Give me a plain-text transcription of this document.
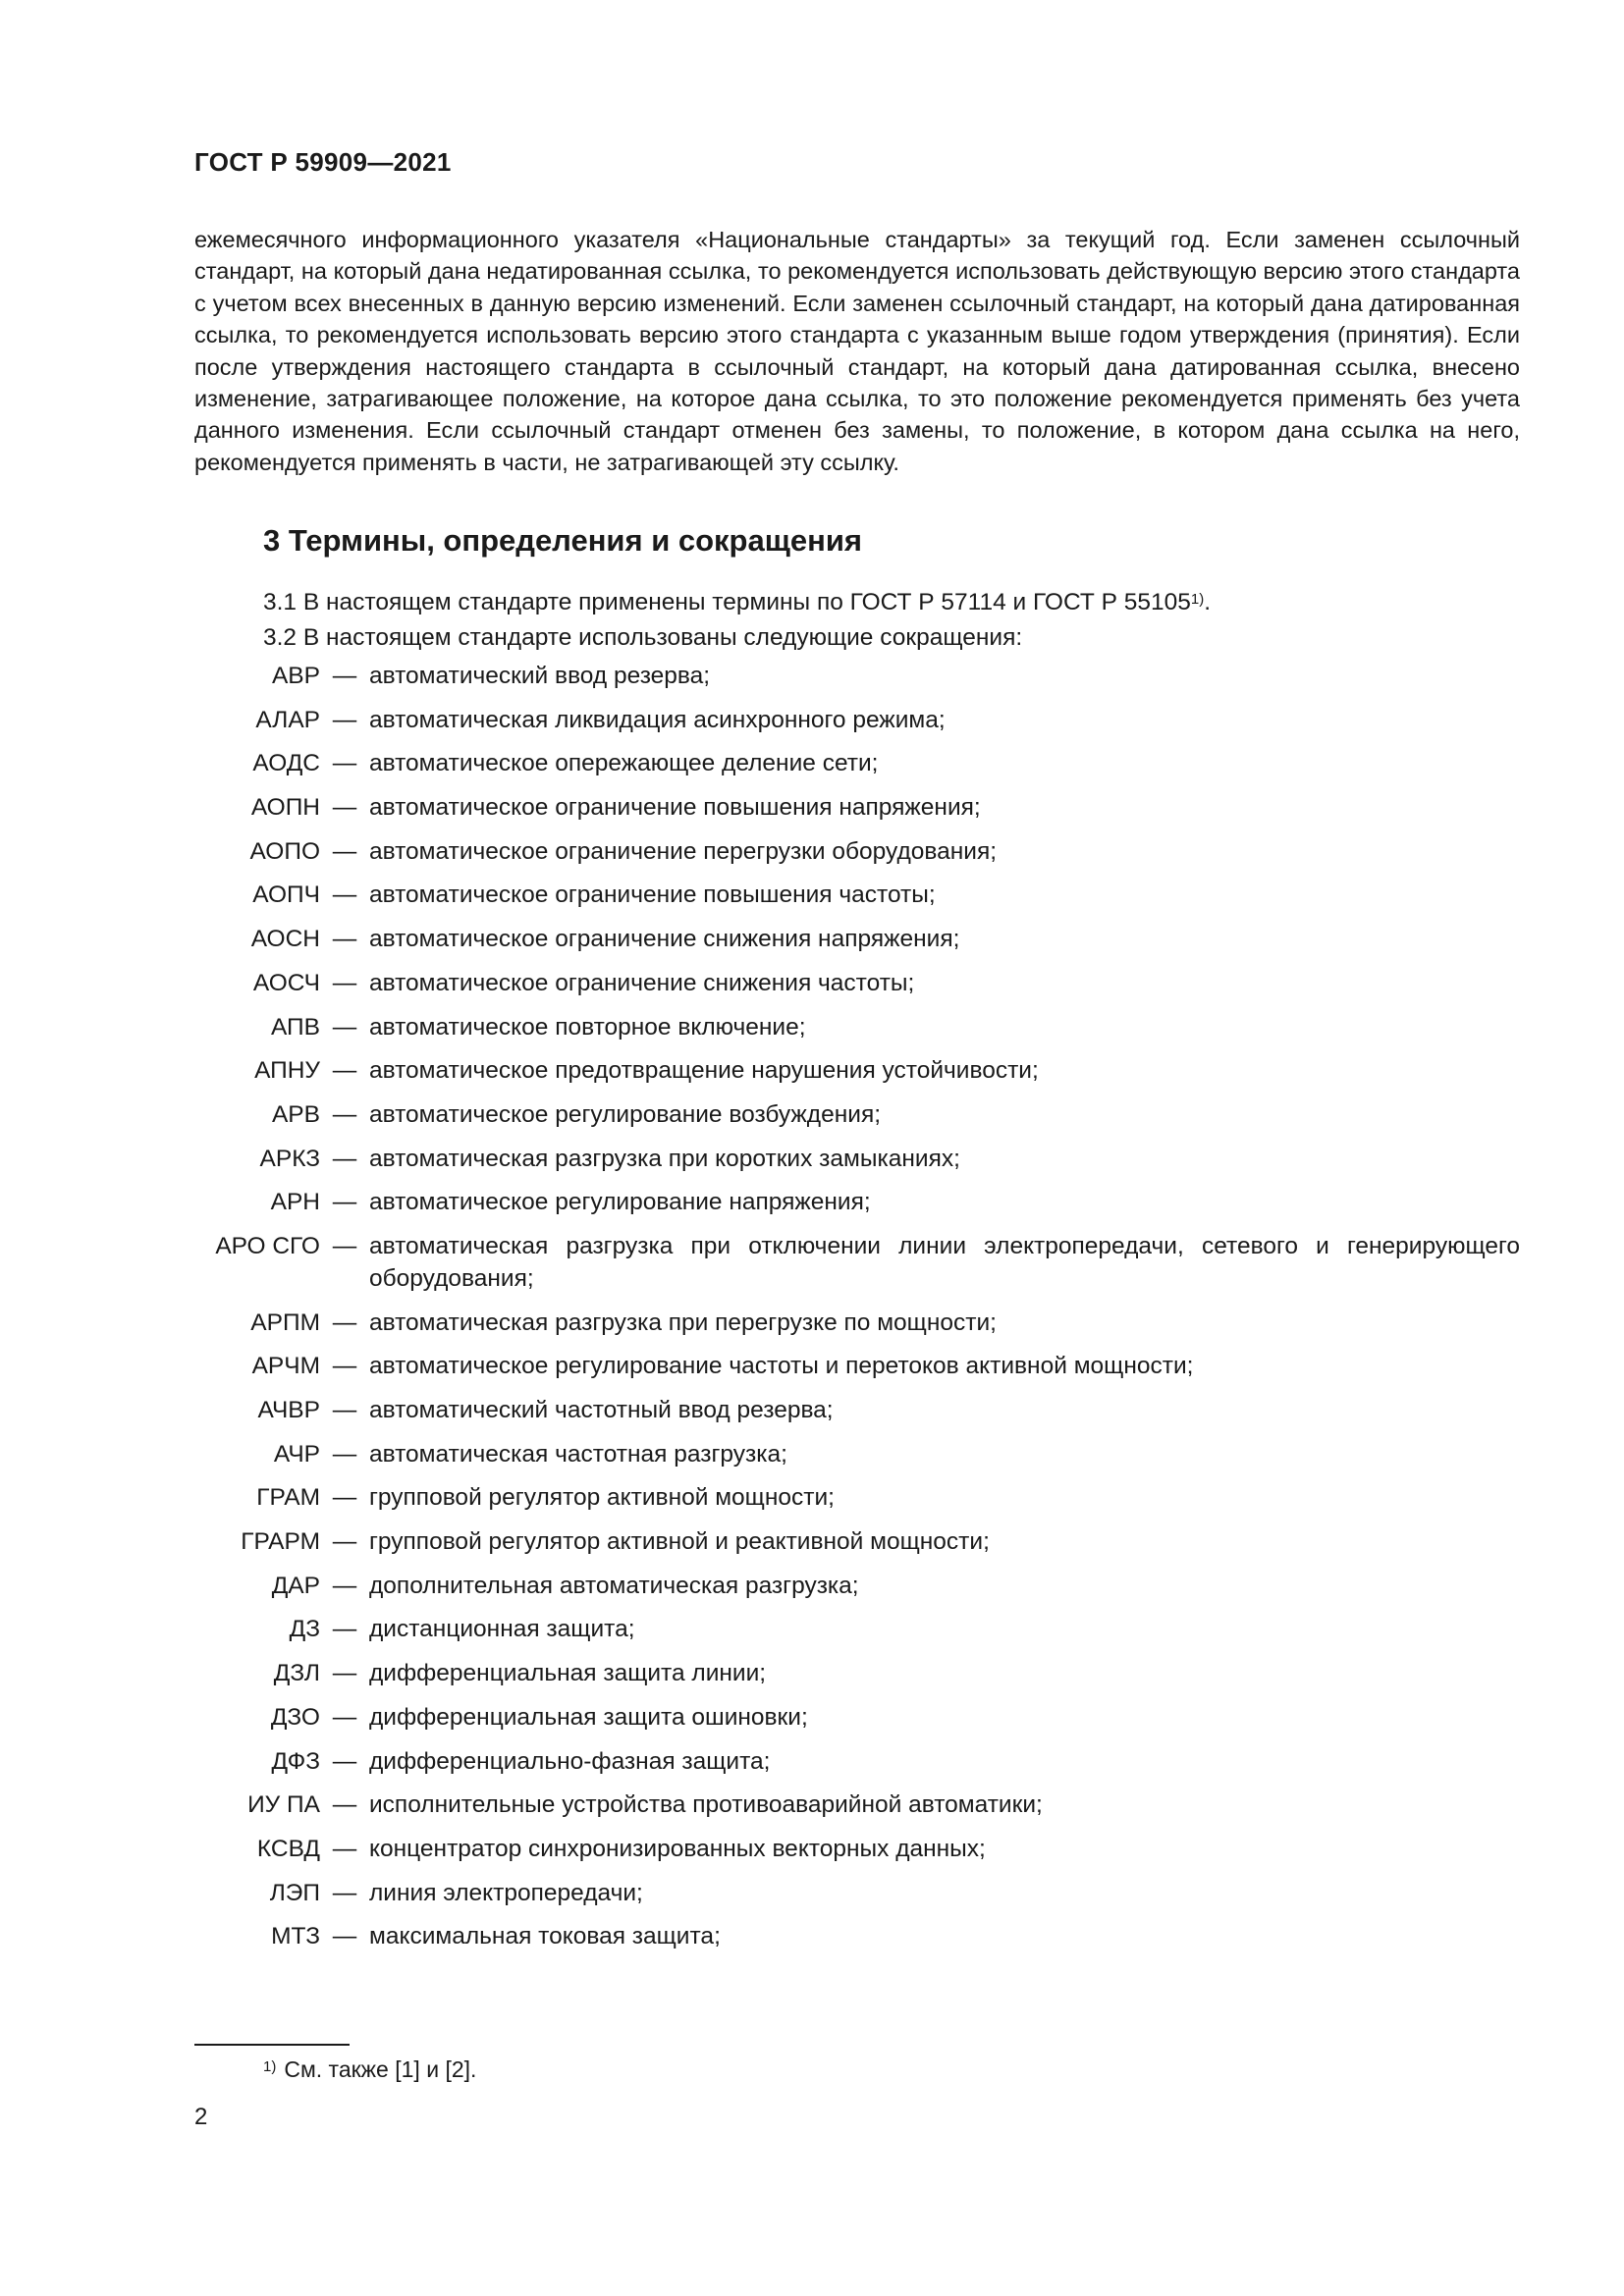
ГОСТ Р 59909—2021

ежемесячного информационного указателя «Национальные стандарты» за текущий год. Если заменен ссылочный стандарт, на который дана недатированная ссылка, то рекомендуется использовать действующую версию этого стандарта с учетом всех внесенных в данную версию изменений. Если заменен ссылочный стандарт, на который дана датированная ссылка, то рекомендуется использовать версию этого стандарта с указанным выше годом утверждения (принятия). Если после утверждения настоящего стандарта в ссылочный стандарт, на который дана датированная ссылка, внесено изменение, затрагивающее положение, на которое дана ссылка, то это положение рекомендуется применять без учета данного изменения. Если ссылочный стандарт отменен без замены, то положение, в котором дана ссылка на него, рекомендуется применять в части, не затрагивающей эту ссылку.

3 Термины, определения и сокращения
3.1 В настоящем стандарте применены термины по ГОСТ Р 57114 и ГОСТ Р 55105$^{1)}$.
3.2 В настоящем стандарте использованы следующие сокращения:
АВР — автоматический ввод резерва;
АЛАР — автоматическая ликвидация асинхронного режима;
АОДС — автоматическое опережающее деление сети;
АОПН — автоматическое ограничение повышения напряжения;
АОПО — автоматическое ограничение перегрузки оборудования;
АОПЧ — автоматическое ограничение повышения частоты;
АОСН — автоматическое ограничение снижения напряжения;
АОСЧ — автоматическое ограничение снижения частоты;
АПВ — автоматическое повторное включение;
АПНУ — автоматическое предотвращение нарушения устойчивости;
АРВ — автоматическое регулирование возбуждения;
АРКЗ — автоматическая разгрузка при коротких замыканиях;
АРН — автоматическое регулирование напряжения;
АРО СГО — автоматическая разгрузка при отключении линии электропередачи, сетевого и генерирующего оборудования;
АРПМ — автоматическая разгрузка при перегрузке по мощности;
АРЧМ — автоматическое регулирование частоты и перетоков активной мощности;
АЧВР — автоматический частотный ввод резерва;
АЧР — автоматическая частотная разгрузка;
ГРАМ — групповой регулятор активной мощности;
ГРАРМ — групповой регулятор активной и реактивной мощности;
ДАР — дополнительная автоматическая разгрузка;
ДЗ — дистанционная защита;
ДЗЛ — дифференциальная защита линии;
ДЗО — дифференциальная защита ошиновки;
ДФЗ — дифференциально-фазная защита;
ИУ ПА — исполнительные устройства противоаварийной автоматики;
КСВД — концентратор синхронизированных векторных данных;
ЛЭП — линия электропередачи;
МТЗ — максимальная токовая защита;
$^{1)}$ См. также [1] и [2].
2
